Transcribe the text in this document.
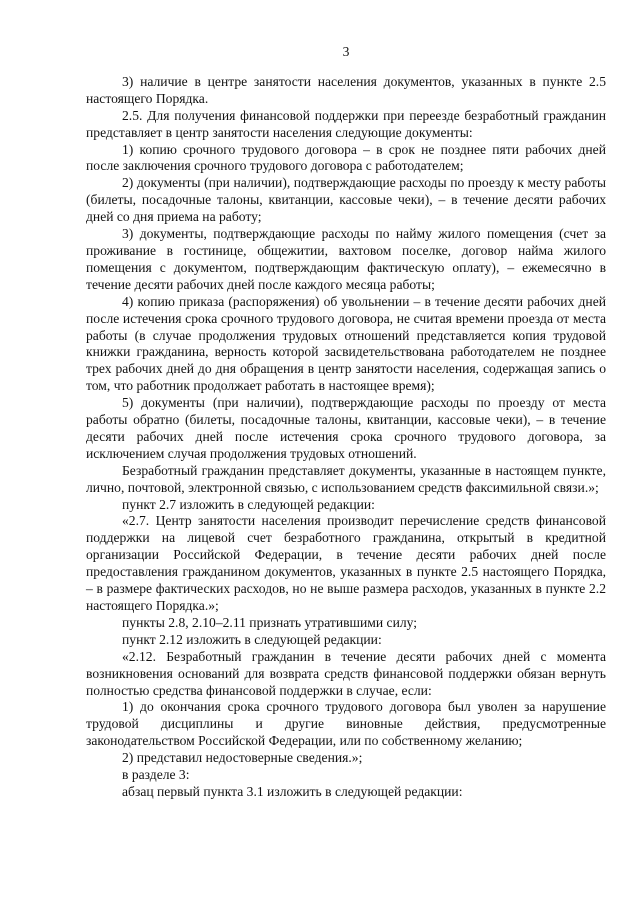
3

3) наличие в центре занятости населения документов, указанных в пункте 2.5 настоящего Порядка.

2.5. Для получения финансовой поддержки при переезде безработный гражданин представляет в центр занятости населения следующие документы:

1) копию срочного трудового договора – в срок не позднее пяти рабочих дней после заключения срочного трудового договора с работодателем;

2) документы (при наличии), подтверждающие расходы по проезду к месту работы (билеты, посадочные талоны, квитанции, кассовые чеки), – в течение десяти рабочих дней со дня приема на работу;

3) документы, подтверждающие расходы по найму жилого помещения (счет за проживание в гостинице, общежитии, вахтовом поселке, договор найма жилого помещения с документом, подтверждающим фактическую оплату), – ежемесячно в течение десяти рабочих дней после каждого месяца работы;

4) копию приказа (распоряжения) об увольнении – в течение десяти рабочих дней после истечения срока срочного трудового договора, не считая времени проезда от места работы (в случае продолжения трудовых отношений представляется копия трудовой книжки гражданина, верность которой засвидетельствована работодателем не позднее трех рабочих дней до дня обращения в центр занятости населения, содержащая запись о том, что работник продолжает работать в настоящее время);

5) документы (при наличии), подтверждающие расходы по проезду от места работы обратно (билеты, посадочные талоны, квитанции, кассовые чеки), – в течение десяти рабочих дней после истечения срока срочного трудового договора, за исключением случая продолжения трудовых отношений.

Безработный гражданин представляет документы, указанные в настоящем пункте, лично, почтовой, электронной связью, с использованием средств факсимильной связи.»;

пункт 2.7 изложить в следующей редакции:

«2.7. Центр занятости населения производит перечисление средств финансовой поддержки на лицевой счет безработного гражданина, открытый в кредитной организации Российской Федерации, в течение десяти рабочих дней после предоставления гражданином документов, указанных в пункте 2.5 настоящего Порядка, – в размере фактических расходов, но не выше размера расходов, указанных в пункте 2.2 настоящего Порядка.»;

пункты 2.8, 2.10–2.11 признать утратившими силу;

пункт 2.12 изложить в следующей редакции:

«2.12. Безработный гражданин в течение десяти рабочих дней с момента возникновения оснований для возврата средств финансовой поддержки обязан вернуть полностью средства финансовой поддержки в случае, если:

1) до окончания срока срочного трудового договора был уволен за нарушение трудовой дисциплины и другие виновные действия, предусмотренные законодательством Российской Федерации, или по собственному желанию;

2) представил недостоверные сведения.»;

в разделе 3:

абзац первый пункта 3.1 изложить в следующей редакции:
